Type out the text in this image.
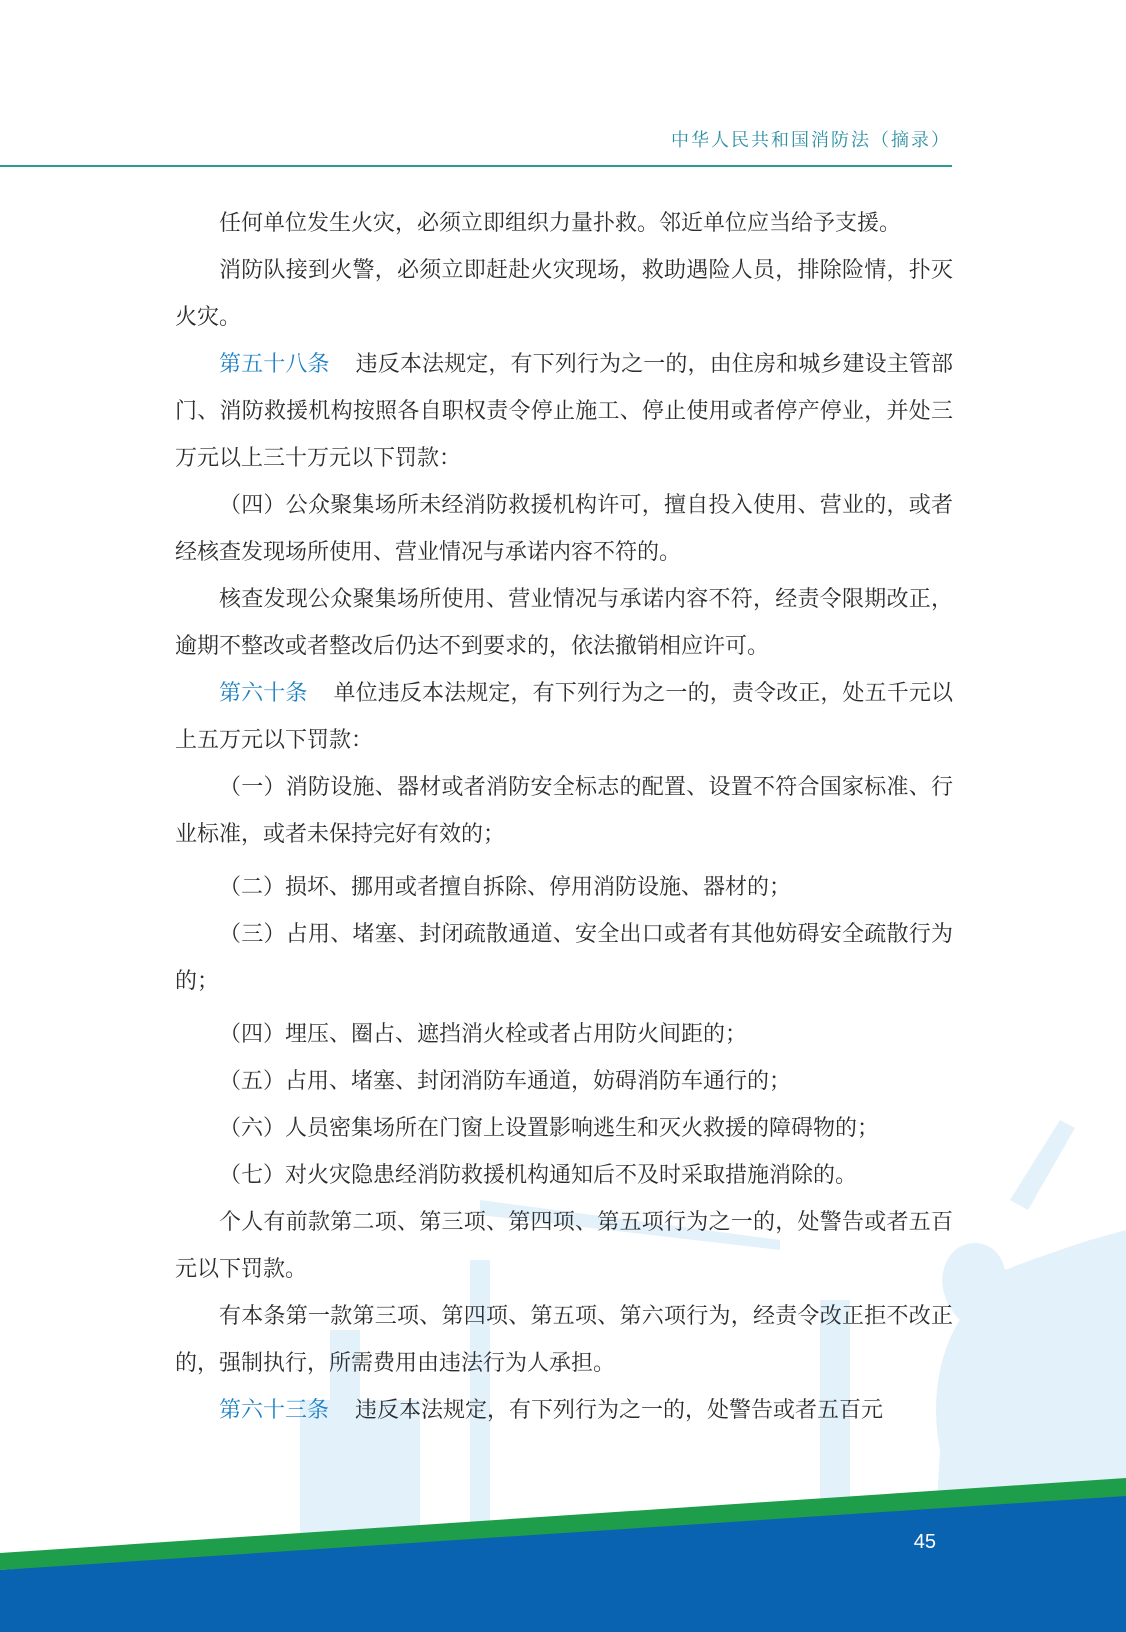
中华人民共和国消防法（摘录）

任何单位发生火灾，必须立即组织力量扑救。邻近单位应当给予支援。

消防队接到火警，必须立即赶赴火灾现场，救助遇险人员，排除险情，扑灭火灾。

第五十八条 违反本法规定，有下列行为之一的，由住房和城乡建设主管部门、消防救援机构按照各自职权责令停止施工、停止使用或者停产停业，并处三万元以上三十万元以下罚款：

（四）公众聚集场所未经消防救援机构许可，擅自投入使用、营业的，或者经核查发现场所使用、营业情况与承诺内容不符的。

核查发现公众聚集场所使用、营业情况与承诺内容不符，经责令限期改正，逾期不整改或者整改后仍达不到要求的，依法撤销相应许可。

第六十条 单位违反本法规定，有下列行为之一的，责令改正，处五千元以上五万元以下罚款：

（一）消防设施、器材或者消防安全标志的配置、设置不符合国家标准、行业标准，或者未保持完好有效的；

（二）损坏、挪用或者擅自拆除、停用消防设施、器材的；

（三）占用、堵塞、封闭疏散通道、安全出口或者有其他妨碍安全疏散行为的；

（四）埋压、圈占、遮挡消火栓或者占用防火间距的；

（五）占用、堵塞、封闭消防车通道，妨碍消防车通行的；

（六）人员密集场所在门窗上设置影响逃生和灭火救援的障碍物的；

（七）对火灾隐患经消防救援机构通知后不及时采取措施消除的。

个人有前款第二项、第三项、第四项、第五项行为之一的，处警告或者五百元以下罚款。

有本条第一款第三项、第四项、第五项、第六项行为，经责令改正拒不改正的，强制执行，所需费用由违法行为人承担。

第六十三条 违反本法规定，有下列行为之一的，处警告或者五百元

45
